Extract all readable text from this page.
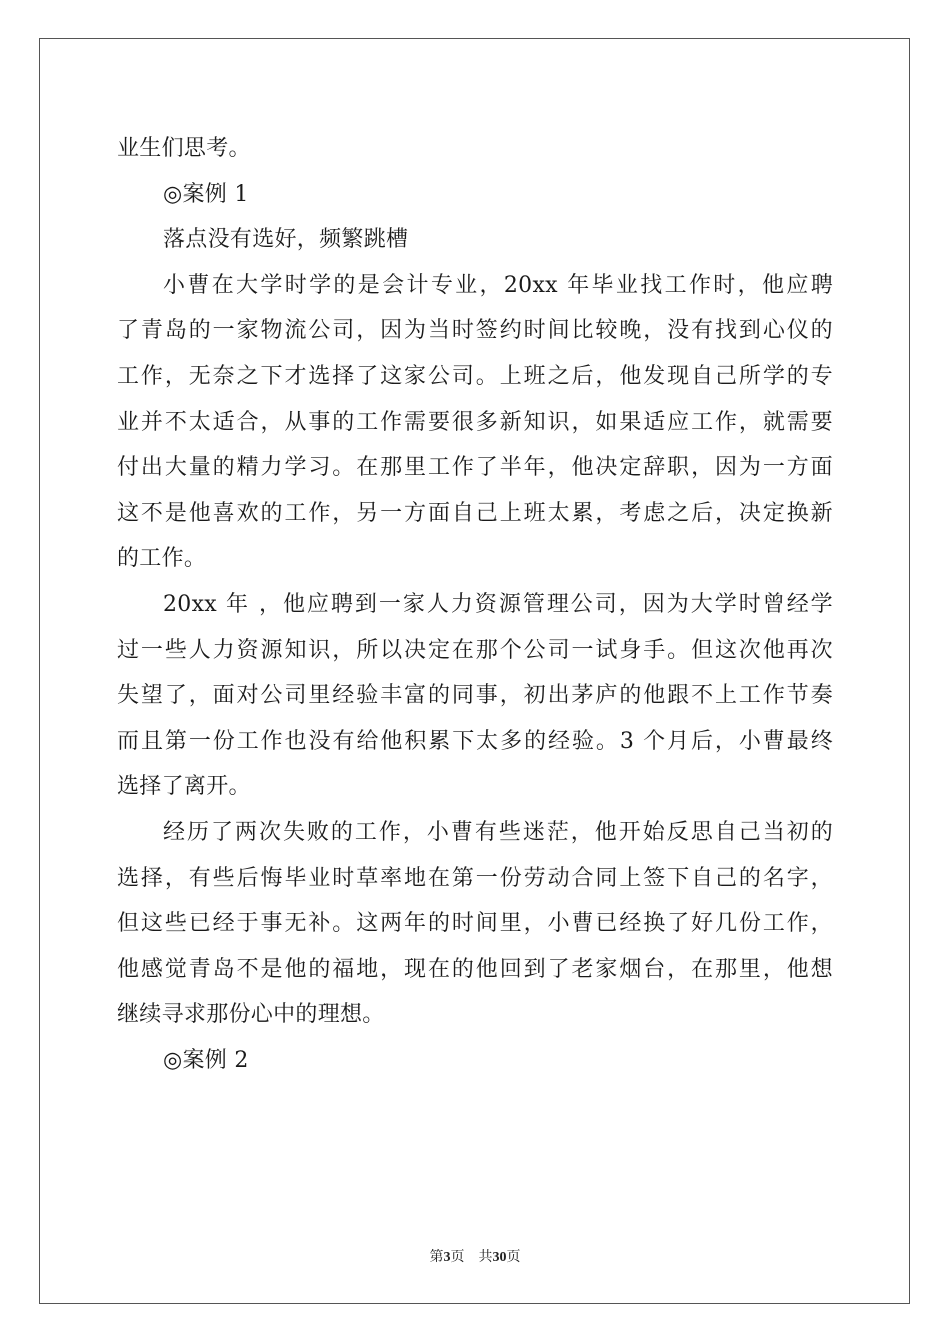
业生们思考。
◎案例 1
落点没有选好，频繁跳槽
小曹在大学时学的是会计专业，20xx 年毕业找工作时，他应聘
了青岛的一家物流公司，因为当时签约时间比较晚，没有找到心仪的
工作，无奈之下才选择了这家公司。上班之后，他发现自己所学的专
业并不太适合，从事的工作需要很多新知识，如果适应工作，就需要
付出大量的精力学习。在那里工作了半年，他决定辞职，因为一方面
这不是他喜欢的工作，另一方面自己上班太累，考虑之后，决定换新
的工作。
20xx 年 ，他应聘到一家人力资源管理公司，因为大学时曾经学
过一些人力资源知识，所以决定在那个公司一试身手。但这次他再次
失望了，面对公司里经验丰富的同事，初出茅庐的他跟不上工作节奏
而且第一份工作也没有给他积累下太多的经验。3 个月后，小曹最终
选择了离开。
经历了两次失败的工作，小曹有些迷茫，他开始反思自己当初的
选择，有些后悔毕业时草率地在第一份劳动合同上签下自己的名字，
但这些已经于事无补。这两年的时间里，小曹已经换了好几份工作，
他感觉青岛不是他的福地，现在的他回到了老家烟台，在那里，他想
继续寻求那份心中的理想。
◎案例 2
第3页 共30页
